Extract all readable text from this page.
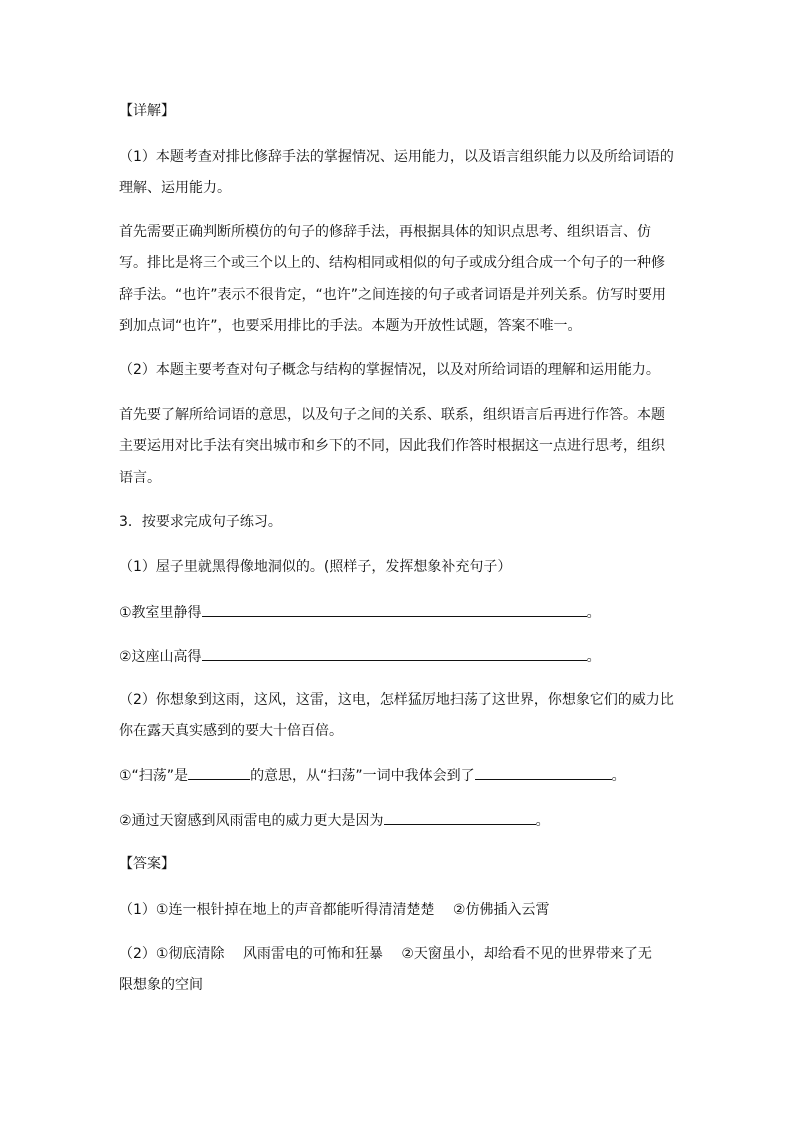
【详解】
（1）本题考查对排比修辞手法的掌握情况、运用能力，以及语言组织能力以及所给词语的
理解、运用能力。
首先需要正确判断所模仿的句子的修辞手法，再根据具体的知识点思考、组织语言、仿
写。排比是将三个或三个以上的、结构相同或相似的句子或成分组合成一个句子的一种修
辞手法。“也许”表示不很肯定，“也许”之间连接的句子或者词语是并列关系。仿写时要用
到加点词“也许”，也要采用排比的手法。本题为开放性试题，答案不唯一。
（2）本题主要考查对句子概念与结构的掌握情况，以及对所给词语的理解和运用能力。
首先要了解所给词语的意思，以及句子之间的关系、联系，组织语言后再进行作答。本题
主要运用对比手法有突出城市和乡下的不同，因此我们作答时根据这一点进行思考，组织
语言。
3．按要求完成句子练习。
（1）屋子里就黑得像地洞似的。(照样子，发挥想象补充句子）
①教室里静得	。
②这座山高得	。
（2）你想象到这雨，这风，这雷，这电，怎样猛厉地扫荡了这世界，你想象它们的威力比
你在露天真实感到的要大十倍百倍。
①“扫荡”是	的意思，从“扫荡”一词中我体会到了	。
②通过天窗感到风雨雷电的威力更大是因为	。
【答案】
（1）①连一根针掉在地上的声音都能听得清清楚楚　 ②仿佛插入云霄
（2）①彻底清除　 风雨雷电的可怖和狂暴　 ②天窗虽小，却给看不见的世界带来了无
限想象的空间
